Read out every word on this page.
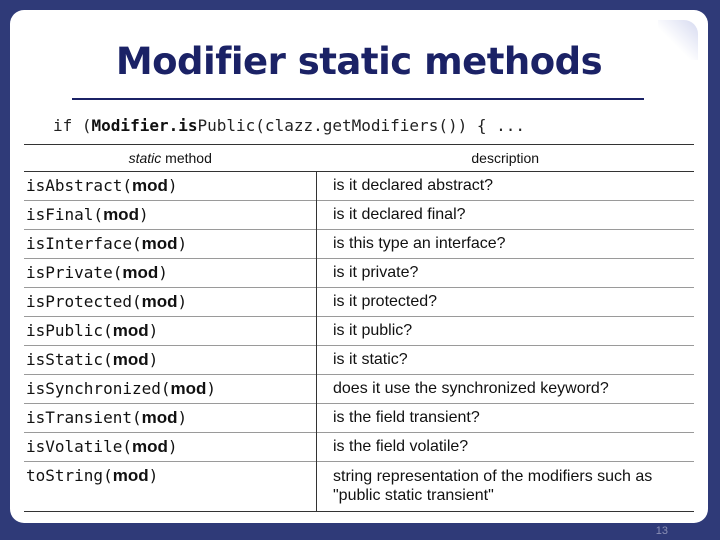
Modifier static methods
if (Modifier.isPublic(clazz.getModifiers()) { ...
static method	description
isAbstract(mod)	is it declared abstract?
isFinal(mod)	is it declared final?
isInterface(mod)	is this type an interface?
isPrivate(mod)	is it private?
isProtected(mod)	is it protected?
isPublic(mod)	is it public?
isStatic(mod)	is it static?
isSynchronized(mod)	does it use the synchronized keyword?
isTransient(mod)	is the field transient?
isVolatile(mod)	is the field volatile?
toString(mod)	string representation of the modifiers such as "public static transient"
13
